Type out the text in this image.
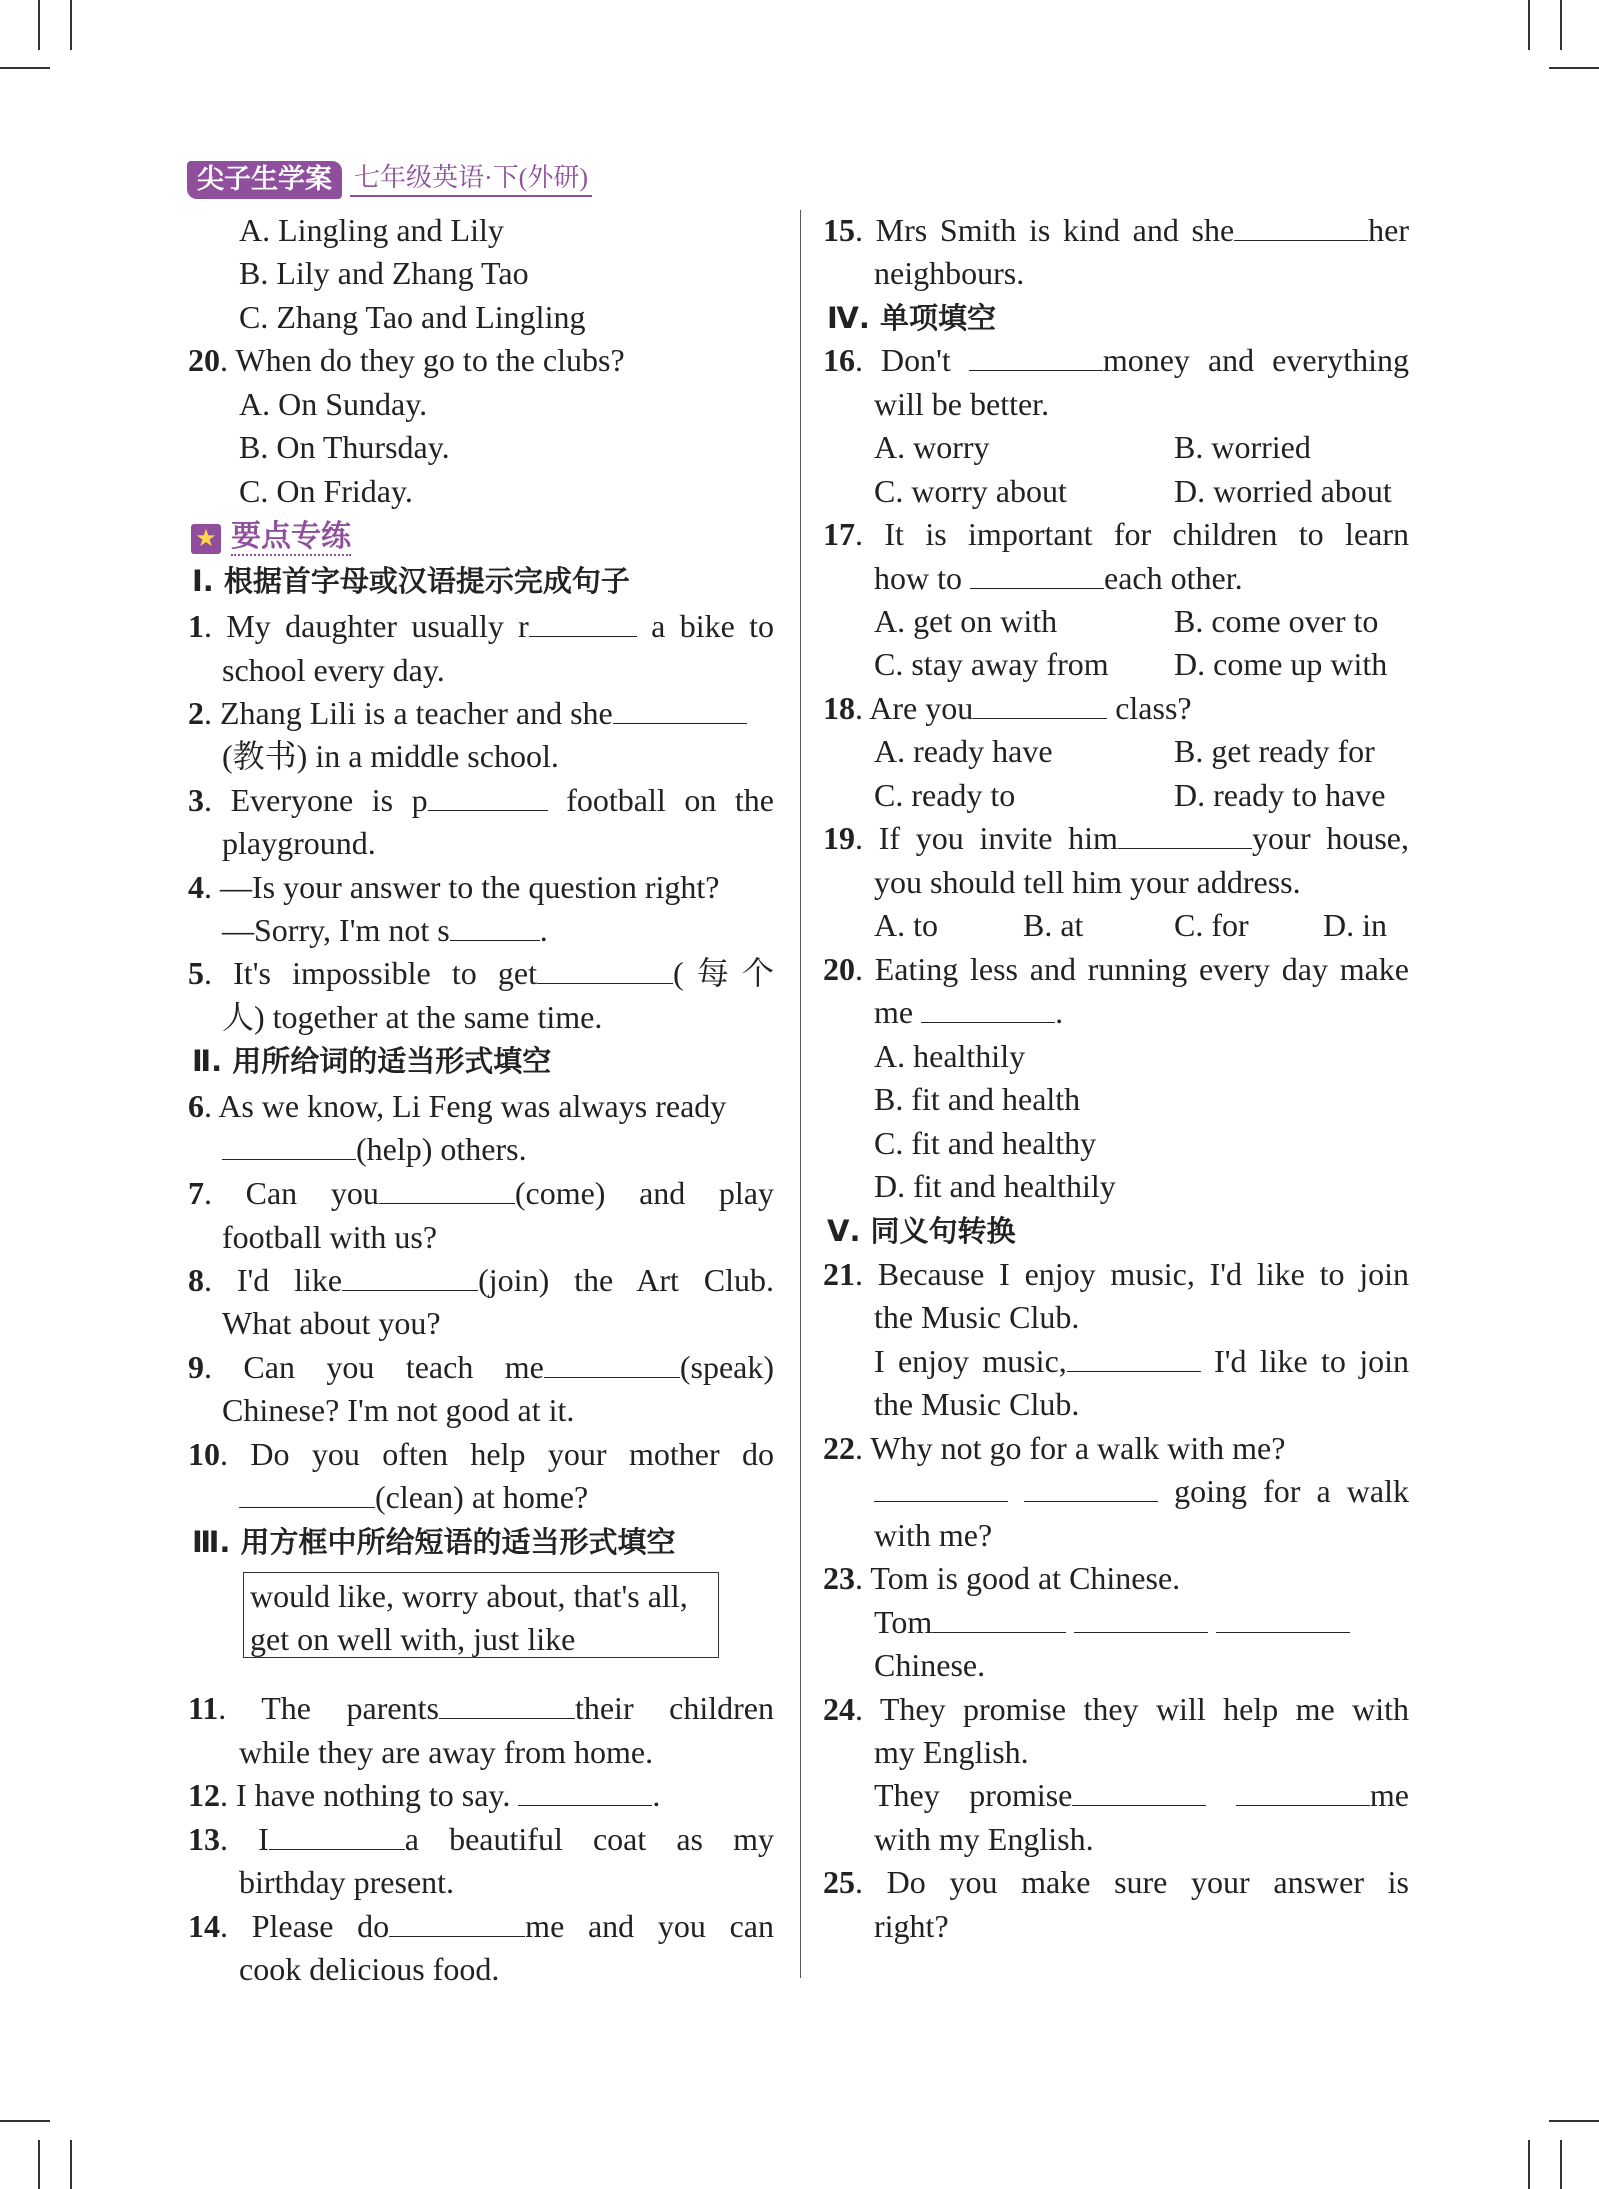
尖子生学案 七年级英语·下(外研)
A. Lingling and Lily
B. Lily and Zhang Tao
C. Zhang Tao and Lingling
20. When do they go to the clubs?
A. On Sunday.
B. On Thursday.
C. On Friday.
★ 要点专练
Ⅰ. 根据首字母或汉语提示完成句子
1. My daughter usually r	a bike to
school every day.
2. Zhang Lili is a teacher and she
(教书) in a middle school.
3. Everyone is p	football on the
playground.
4. —Is your answer to the question right?
—Sorry, I'm not s	.
5. It's impossible to get	(每个
人) together at the same time.
Ⅱ. 用所给词的适当形式填空
6. As we know, Li Feng was always ready
(help) others.
7. Can you	(come) and play
football with us?
8. I'd like	(join) the Art Club.
What about you?
9. Can you teach me	(speak)
Chinese? I'm not good at it.
10. Do you often help your mother do
(clean) at home?
Ⅲ. 用方框中所给短语的适当形式填空
would like, worry about, that's all,
get on well with, just like
11. The parents	their children
while they are away from home.
12. I have nothing to say.	.
13. I	a beautiful coat as my
birthday present.
14. Please do	me and you can
cook delicious food.
15. Mrs Smith is kind and she	her
neighbours.
Ⅳ. 单项填空
16. Don't	money and everything
will be better.
A. worry	B. worried
C. worry about	D. worried about
17. It is important for children to learn
how to	each other.
A. get on with	B. come over to
C. stay away from D. come up with
18. Are you	class?
A. ready have	B. get ready for
C. ready to	D. ready to have
19. If you invite him	your house,
you should tell him your address.
A. to	B. at	C. for D. in
20. Eating less and running every day make
me	.
A. healthily
B. fit and health
C. fit and healthy
D. fit and healthily
Ⅴ. 同义句转换
21. Because I enjoy music, I'd like to join
the Music Club.
I enjoy music,	I'd like to join
the Music Club.
22. Why not go for a walk with me?
going for a walk
with me?
23. Tom is good at Chinese.
Tom
Chinese.
24. They promise they will help me with
my English.
They promise	me
with my English.
25. Do you make sure your answer is
right?
